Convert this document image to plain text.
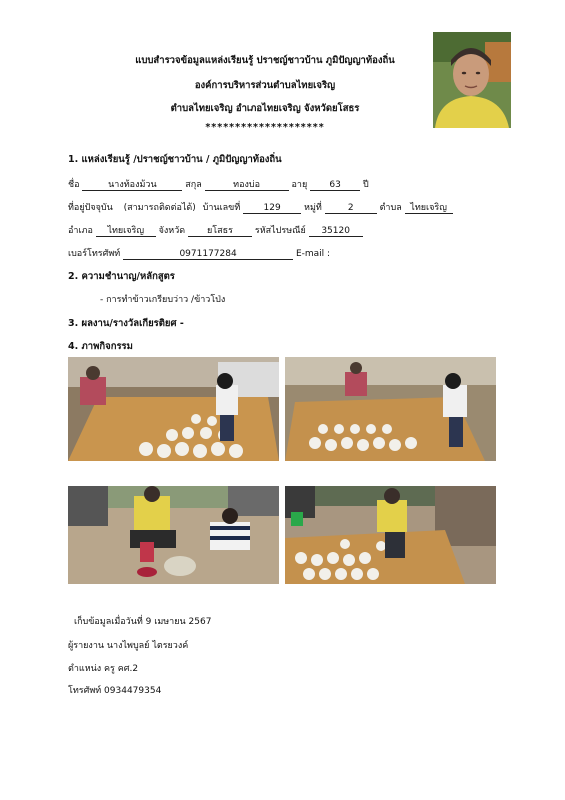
แบบสำรวจข้อมูลแหล่งเรียนรู้ ปราชญ์ชาวบ้าน ภูมิปัญญาท้องถิ่น
องค์การบริหารส่วนตำบลไทยเจริญ
ตำบลไทยเจริญ อำเภอไทยเจริญ จังหวัดยโสธร
********************
1. แหล่งเรียนรู้ /ปราชญ์ชาวบ้าน / ภูมิปัญญาท้องถิ่น
ชื่อ	นางท้องม้วน	สกุล	ทองบ่อ	อายุ 63 ปี
ที่อยู่ปัจจุบัน (สามารถติดต่อได้) บ้านเลขที่	129	หมู่ที่	2	ตำบล ไทยเจริญ
อำเภอ ไทยเจริญ จังหวัด ยโสธร รหัสไปรษณีย์ 35120
เบอร์โทรศัพท์	0971177284	E-mail :
2. ความชำนาญ/หลักสูตร
- การทำข้าวเกรียบว่าว /ข้าวโป่ง
3. ผลงาน/รางวัลเกียรติยศ -
4. ภาพกิจกรรม
เก็บข้อมูลเมื่อวันที่ 9 เมษายน 2567
ผู้รายงาน นางไพบูลย์ ไตรยวงค์
ตำแหน่ง ครู คศ.2
โทรศัพท์ 0934479354
